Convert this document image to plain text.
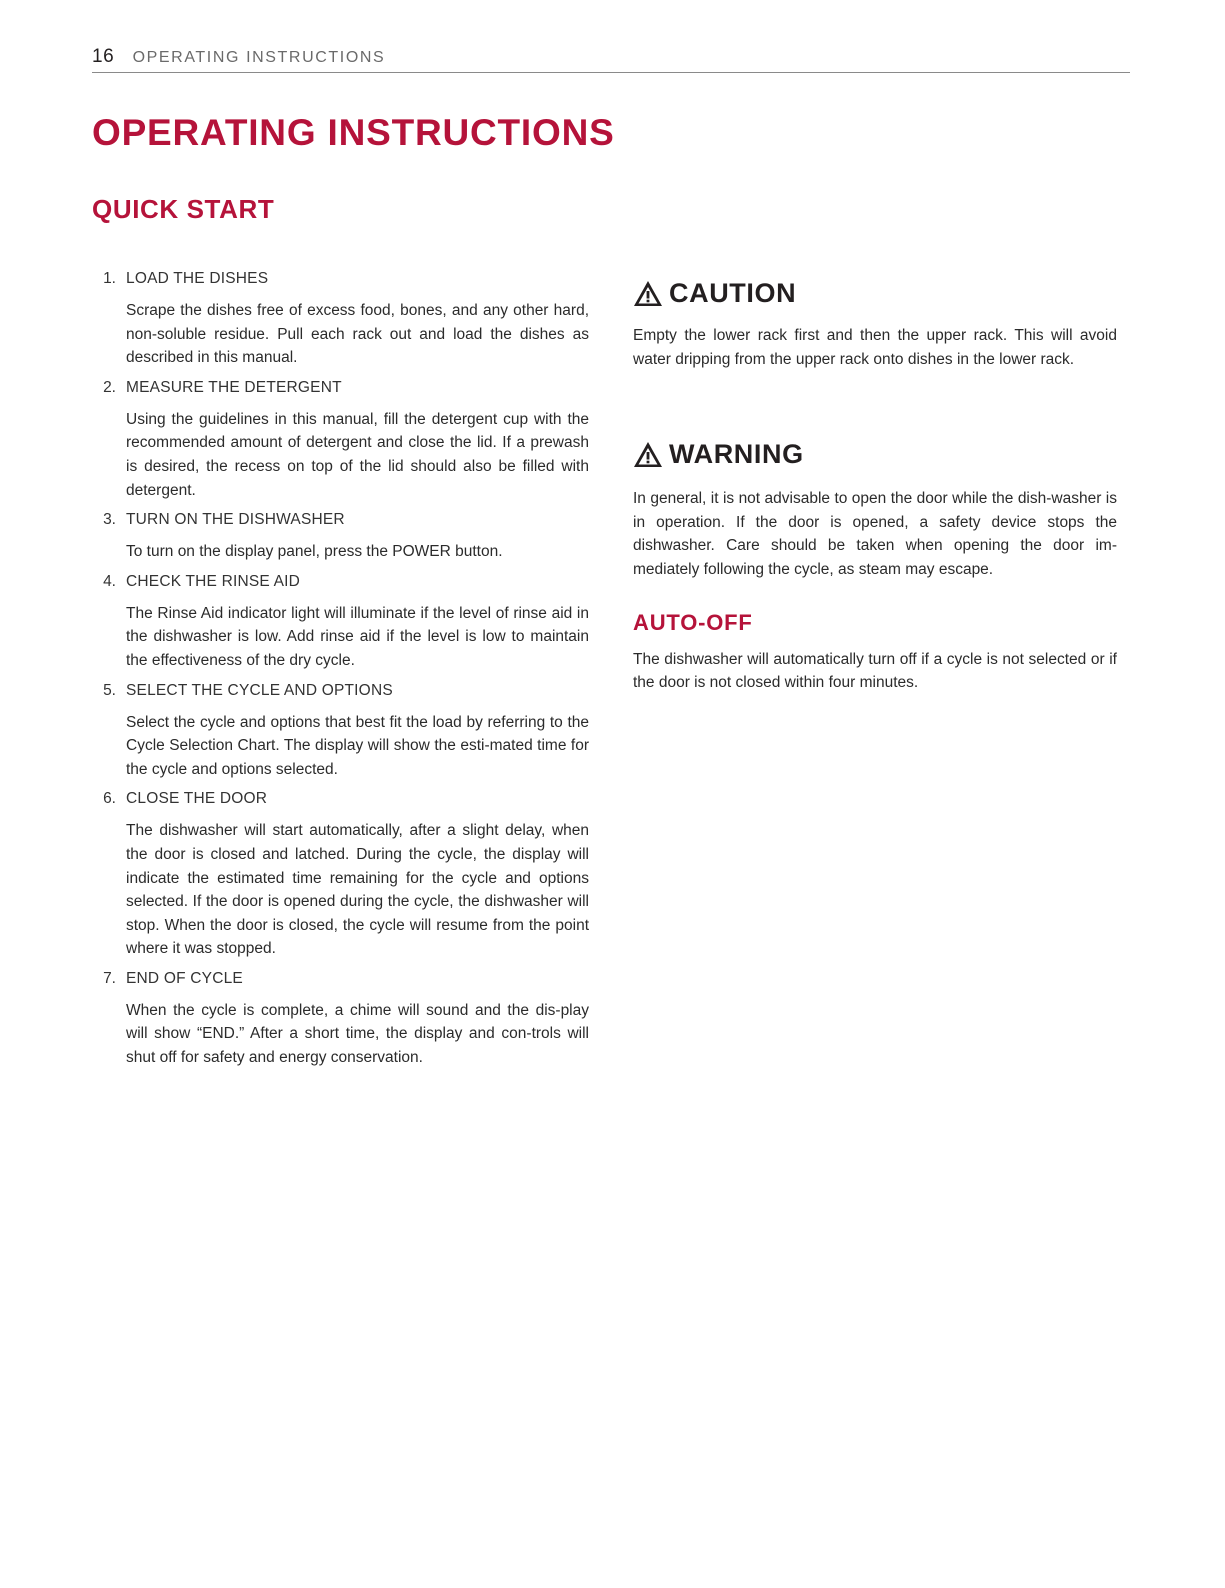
16 OPERATING INSTRUCTIONS
OPERATING INSTRUCTIONS
QUICK START
1. LOAD THE DISHES

Scrape the dishes free of excess food, bones, and any other hard, non-soluble residue. Pull each rack out and load the dishes as described in this manual.

2. MEASURE THE DETERGENT

Using the guidelines in this manual, fill the detergent cup with the recommended amount of detergent and close the lid. If a prewash is desired, the recess on top of the lid should also be filled with detergent.

3. TURN ON THE DISHWASHER

To turn on the display panel, press the POWER button.

4. CHECK THE RINSE AID

The Rinse Aid indicator light will illuminate if the level of rinse aid in the dishwasher is low. Add rinse aid if the level is low to maintain the effectiveness of the dry cycle.

5. SELECT THE CYCLE AND OPTIONS

Select the cycle and options that best fit the load by referring to the Cycle Selection Chart. The display will show the esti-mated time for the cycle and options selected.

6. CLOSE THE DOOR

The dishwasher will start automatically, after a slight delay, when the door is closed and latched. During the cycle, the display will indicate the estimated time remaining for the cycle and options selected. If the door is opened during the cycle, the dishwasher will stop. When the door is closed, the cycle will resume from the point where it was stopped.

7. END OF CYCLE

When the cycle is complete, a chime will sound and the dis-play will show “END.” After a short time, the display and con-trols will shut off for safety and energy conservation.

CAUTION

Empty the lower rack first and then the upper rack. This will avoid water dripping from the upper rack onto dishes in the lower rack.

WARNING

In general, it is not advisable to open the door while the dish-washer is in operation. If the door is opened, a safety device stops the dishwasher. Care should be taken when opening the door im-mediately following the cycle, as steam may escape.

AUTO-OFF

The dishwasher will automatically turn off if a cycle is not selected or if the door is not closed within four minutes.
